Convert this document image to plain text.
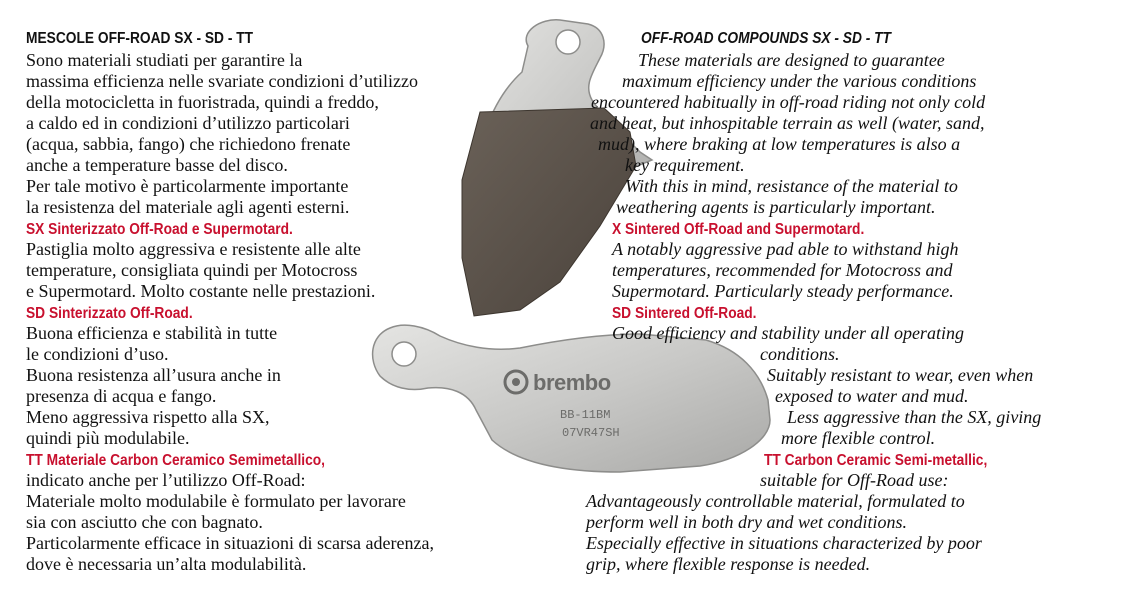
brembo
BB-11BM
07VR47SH
MESCOLE OFF-ROAD SX - SD - TT
Sono materiali studiati per garantire la
massima efficienza nelle svariate condizioni d’utilizzo
della motocicletta in fuoristrada, quindi a freddo,
a caldo ed in condizioni d’utilizzo particolari
(acqua, sabbia, fango) che richiedono frenate
anche a temperature basse del disco.
Per tale motivo è particolarmente importante
la resistenza del materiale agli agenti esterni.
SX Sinterizzato Off-Road e Supermotard.
Pastiglia molto aggressiva e resistente alle alte
temperature, consigliata quindi per Motocross
e Supermotard. Molto costante nelle prestazioni.
SD Sinterizzato Off-Road.
Buona efficienza e stabilità in tutte
le condizioni d’uso.
Buona resistenza all’usura anche in
presenza di acqua e fango.
Meno aggressiva rispetto alla SX,
quindi più modulabile.
TT Materiale Carbon Ceramico Semimetallico,
indicato anche per l’utilizzo Off-Road:
Materiale molto modulabile è formulato per lavorare
sia con asciutto che con bagnato.
Particolarmente efficace in situazioni di scarsa aderenza,
dove è necessaria un’alta modulabilità.
OFF-ROAD COMPOUNDS SX - SD - TT
These materials are designed to guarantee
maximum efficiency under the various conditions
encountered habitually in off-road riding not only cold
and heat, but inhospitable terrain as well (water, sand,
mud), where braking at low temperatures is also a
key requirement.
With this in mind, resistance of the material to
weathering agents is particularly important.
X Sintered Off-Road and Supermotard.
A notably aggressive pad able to withstand high
temperatures, recommended for Motocross and
Supermotard. Particularly steady performance.
SD Sintered Off-Road.
Good efficiency and stability under all operating
conditions.
Suitably resistant to wear, even when
exposed to water and mud.
Less aggressive than the SX, giving
more flexible control.
TT Carbon Ceramic Semi-metallic,
suitable for Off-Road use:
Advantageously controllable material, formulated to
perform well in both dry and wet conditions.
Especially effective in situations characterized by poor
grip, where flexible response is needed.
